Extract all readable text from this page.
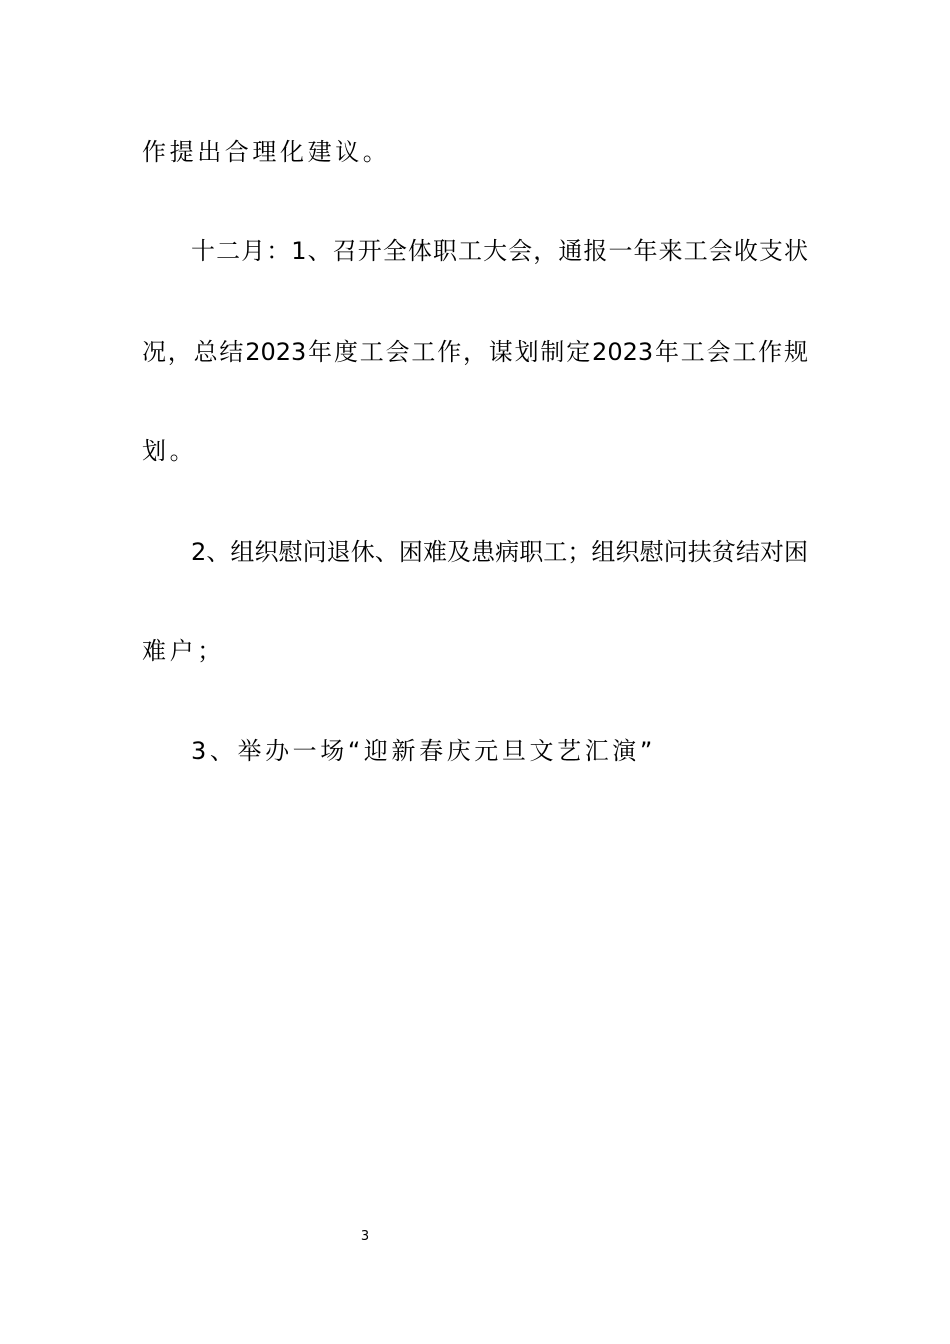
作提出合理化建议。

十二月：1、召开全体职工大会，通报一年来工会收支状

况，总结2023年度工会工作，谋划制定2023年工会工作规

划。

2、组织慰问退休、困难及患病职工；组织慰问扶贫结对困

难户；

3、举办一场“迎新春庆元旦文艺汇演”

3
